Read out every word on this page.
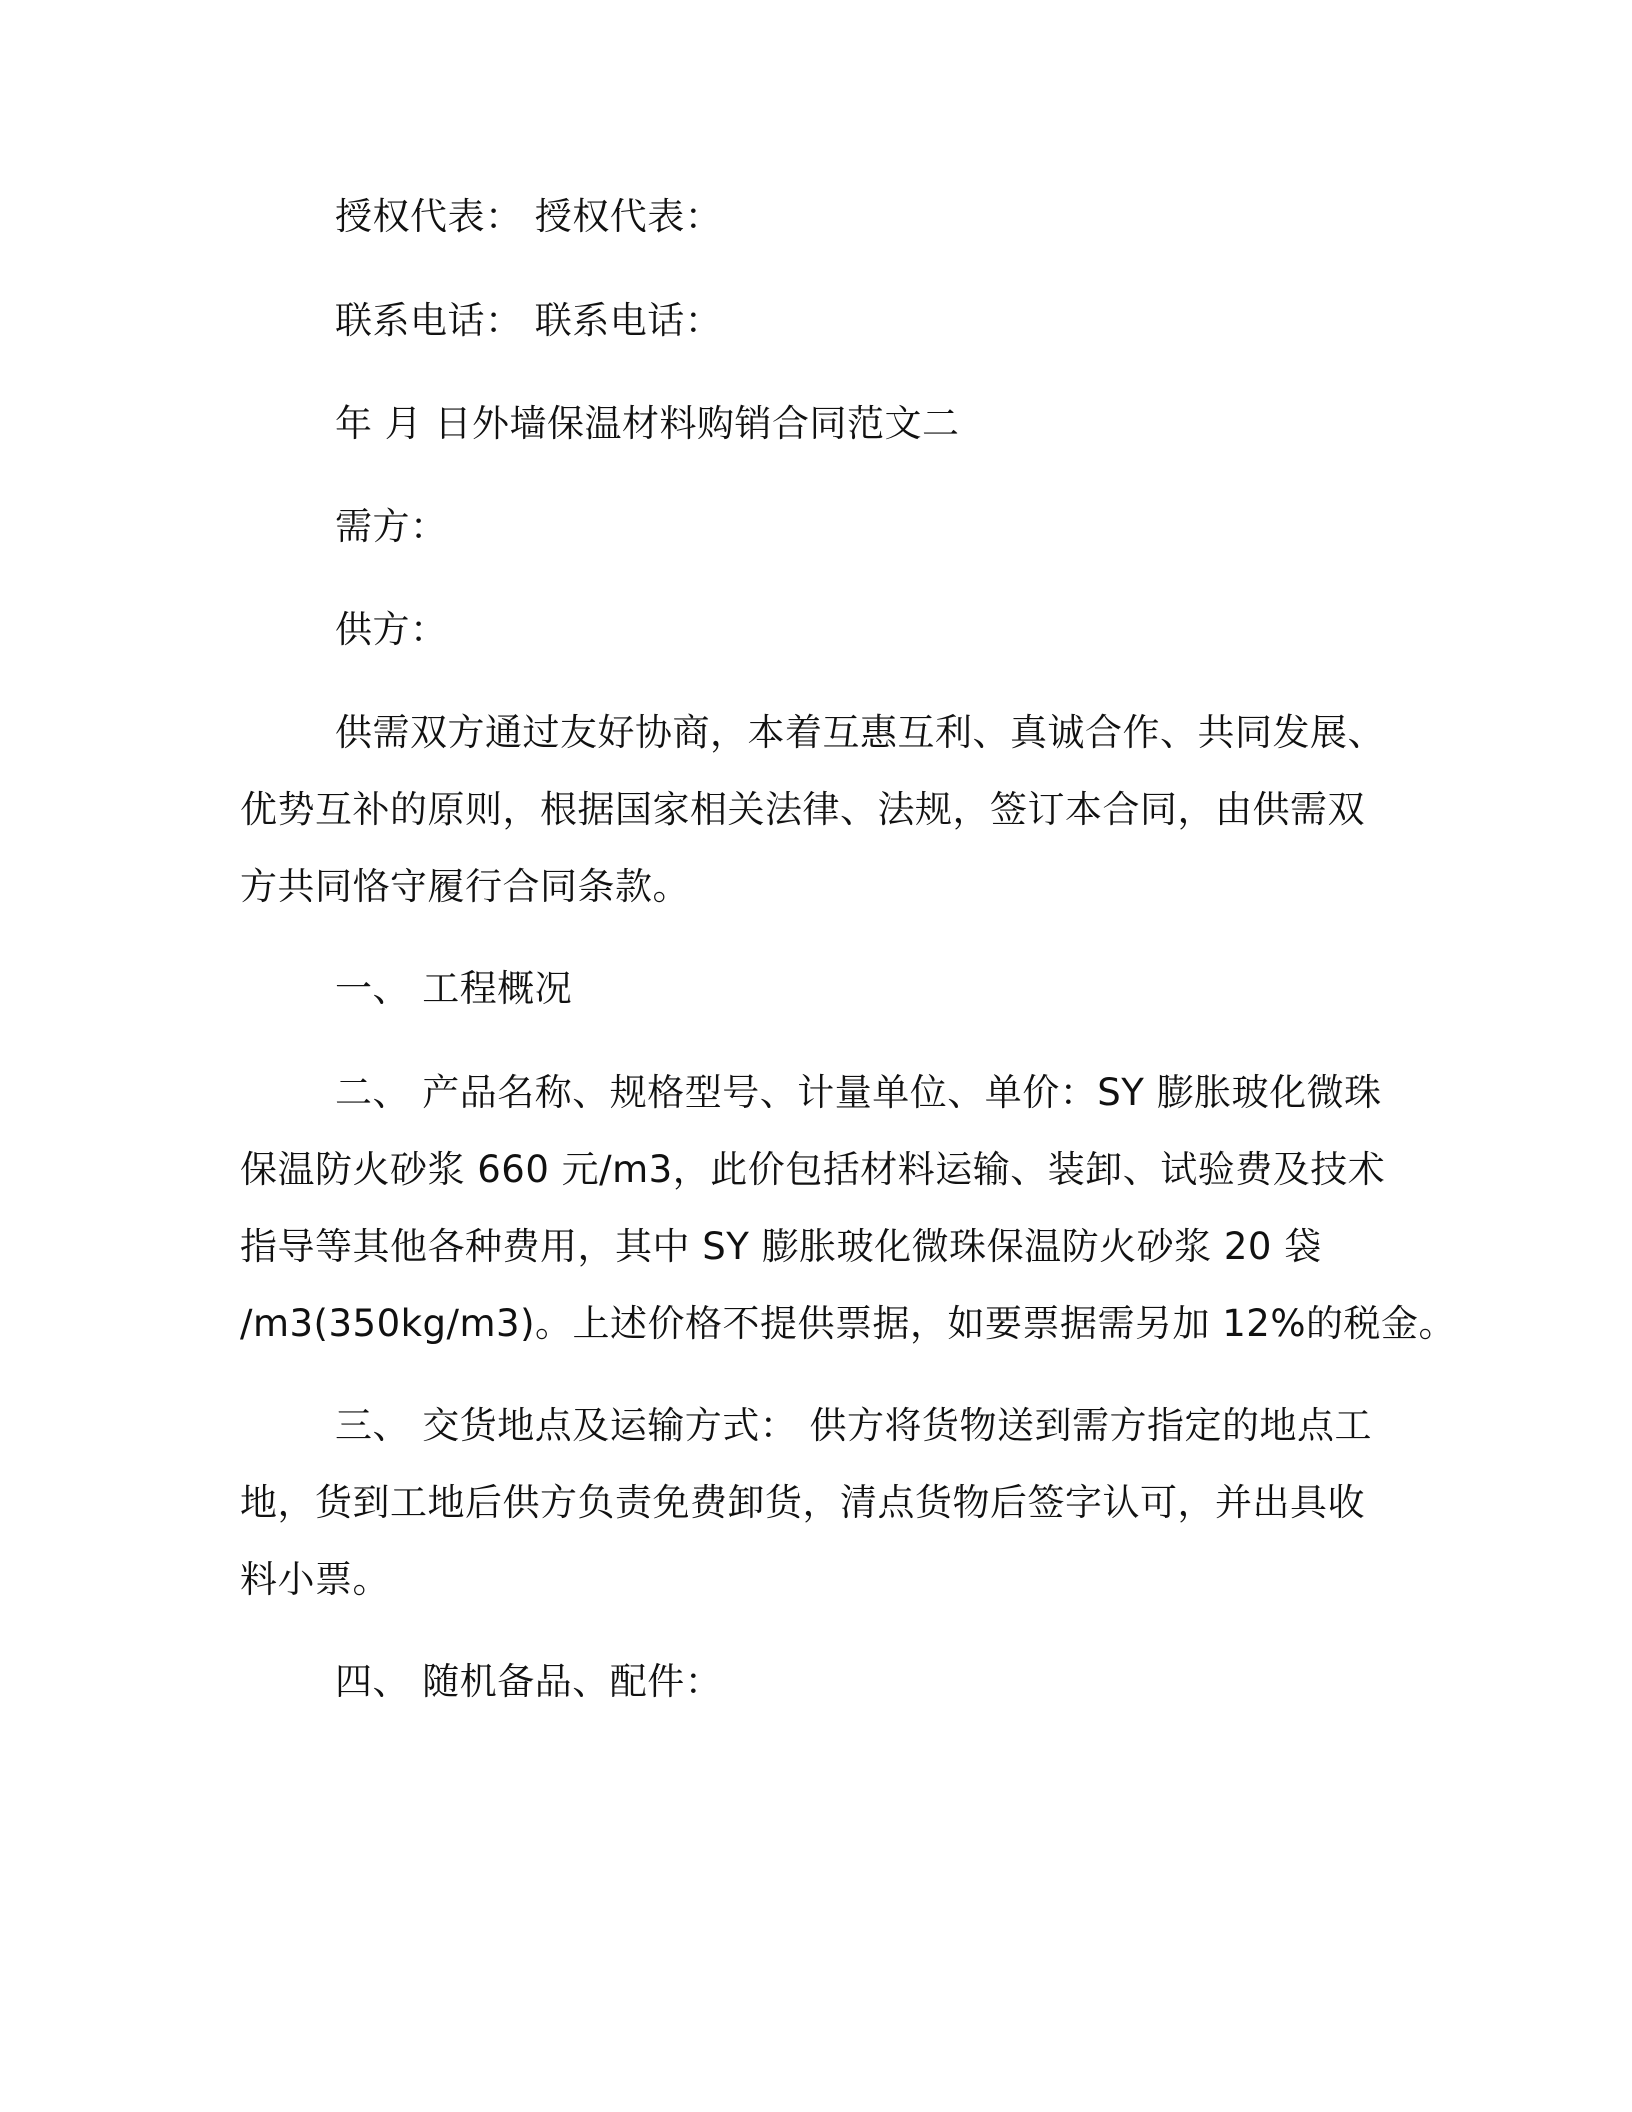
授权代表： 授权代表：
联系电话： 联系电话：
年 月 日外墙保温材料购销合同范文二
需方：
供方：
供需双方通过友好协商，本着互惠互利、真诚合作、共同发展、
优势互补的原则，根据国家相关法律、法规，签订本合同，由供需双
方共同恪守履行合同条款。
一、 工程概况
二、 产品名称、规格型号、计量单位、单价：SY 膨胀玻化微珠
保温防火砂浆 660 元/m3，此价包括材料运输、装卸、试验费及技术
指导等其他各种费用，其中 SY 膨胀玻化微珠保温防火砂浆 20 袋
/m3(350kg/m3)。上述价格不提供票据，如要票据需另加 12%的税金。
三、 交货地点及运输方式： 供方将货物送到需方指定的地点工
地，货到工地后供方负责免费卸货，清点货物后签字认可，并出具收
料小票。
四、 随机备品、配件：
